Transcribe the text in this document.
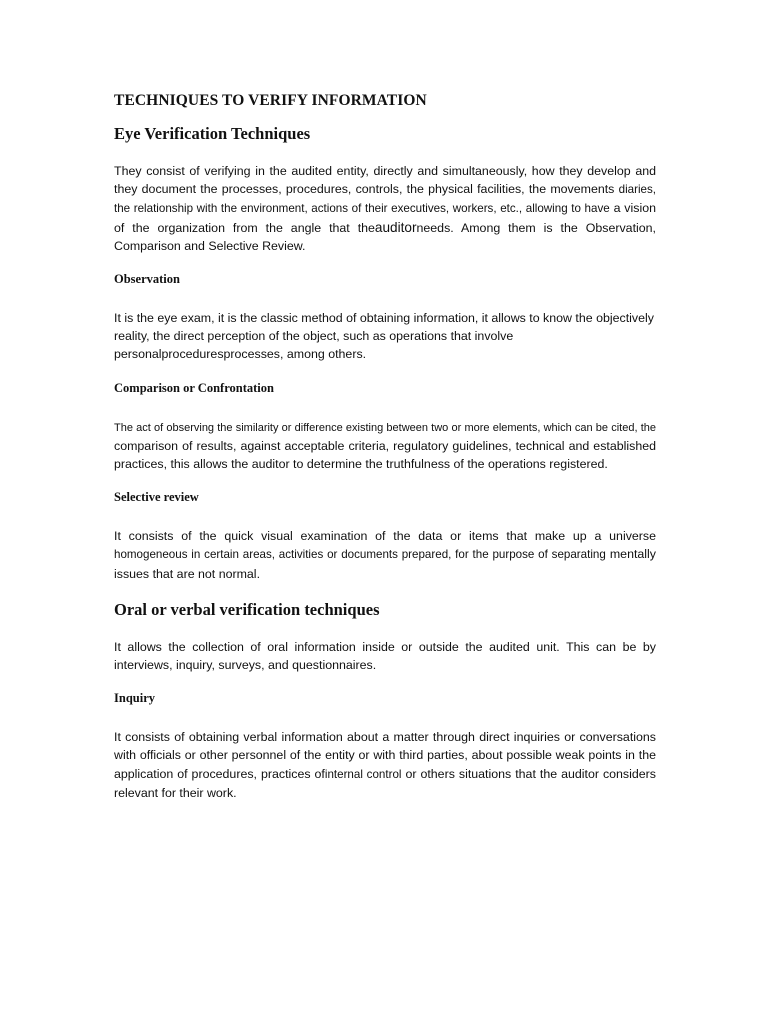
TECHNIQUES TO VERIFY INFORMATION
Eye Verification Techniques

They consist of verifying in the audited entity, directly and simultaneously, how they develop and they document the processes, procedures, controls, the physical facilities, the movements diaries, the relationship with the environment, actions of their executives, workers, etc., allowing to have a vision of the organization from the angle that theauditorneeds. Among them is the Observation, Comparison and Selective Review.

Observation

It is the eye exam, it is the classic method of obtaining information, it allows to know the objectively reality, the direct perception of the object, such as operations that involve personalproceduresprocesses, among others.

Comparison or Confrontation

The act of observing the similarity or difference existing between two or more elements, which can be cited, the comparison of results, against acceptable criteria, regulatory guidelines, technical and established practices, this allows the auditor to determine the truthfulness of the operations registered.

Selective review

It consists of the quick visual examination of the data or items that make up a universe homogeneous in certain areas, activities or documents prepared, for the purpose of separating mentally issues that are not normal.

Oral or verbal verification techniques

It allows the collection of oral information inside or outside the audited unit. This can be by interviews, inquiry, surveys, and questionnaires.

Inquiry

It consists of obtaining verbal information about a matter through direct inquiries or conversations with officials or other personnel of the entity or with third parties, about possible weak points in the application of procedures, practices ofinternal control or others situations that the auditor considers relevant for their work.
